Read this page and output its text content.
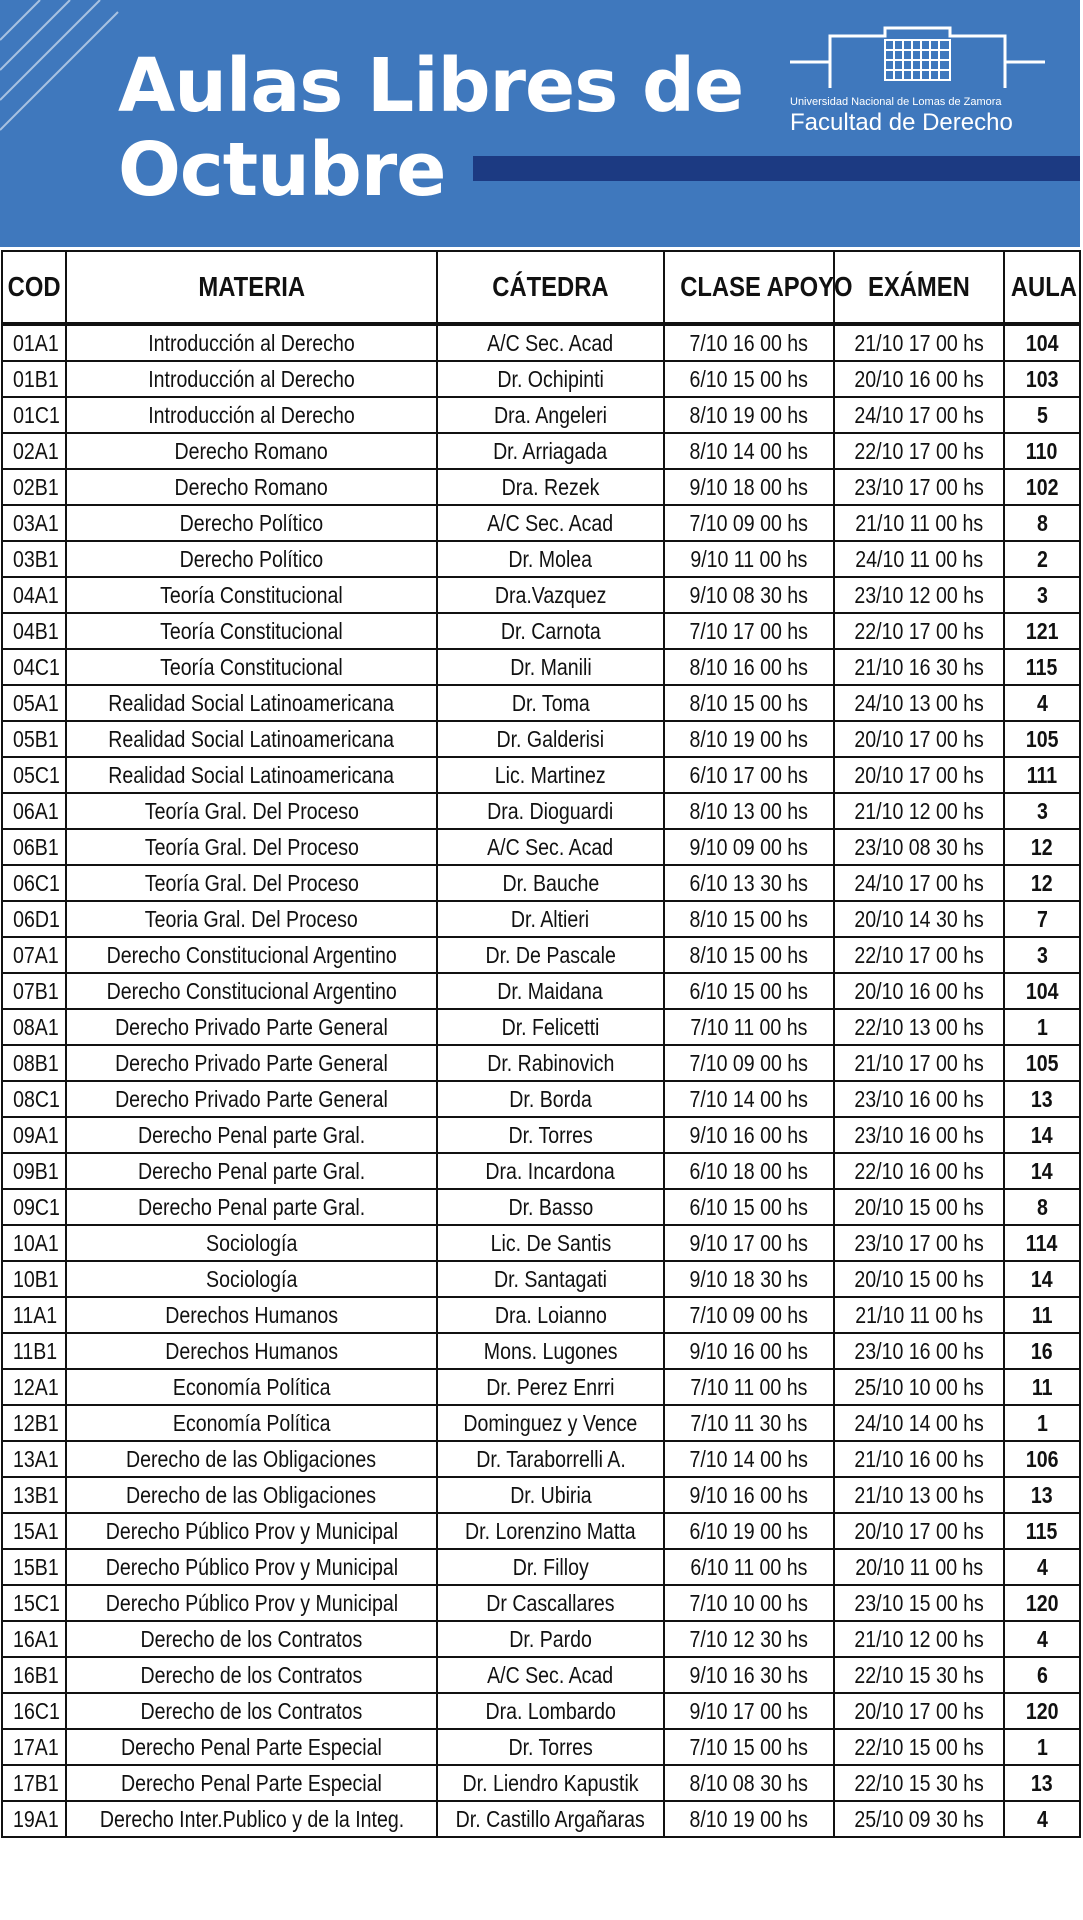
Aulas Libres de
Octubre
Universidad Nacional de Lomas de Zamora
Facultad de Derecho
COD	MATERIA	CÁTEDRA	CLASE APOYO	EXÁMEN	AULA
01A1	Introducción al Derecho	A/C Sec. Acad	7/10 16 00 hs	21/10 17 00 hs	104
01B1	Introducción al Derecho	Dr. Ochipinti	6/10 15 00 hs	20/10 16 00 hs	103
01C1	Introducción al Derecho	Dra. Angeleri	8/10 19 00 hs	24/10 17 00 hs	5
02A1	Derecho Romano	Dr. Arriagada	8/10 14 00 hs	22/10 17 00 hs	110
02B1	Derecho Romano	Dra. Rezek	9/10 18 00 hs	23/10 17 00 hs	102
03A1	Derecho Político	A/C Sec. Acad	7/10 09 00 hs	21/10 11 00 hs	8
03B1	Derecho Político	Dr. Molea	9/10 11 00 hs	24/10 11 00 hs	2
04A1	Teoría Constitucional	Dra.Vazquez	9/10 08 30 hs	23/10 12 00 hs	3
04B1	Teoría Constitucional	Dr. Carnota	7/10 17 00 hs	22/10 17 00 hs	121
04C1	Teoría Constitucional	Dr. Manili	8/10 16 00 hs	21/10 16 30 hs	115
05A1	Realidad Social Latinoamericana	Dr. Toma	8/10 15 00 hs	24/10 13 00 hs	4
05B1	Realidad Social Latinoamericana	Dr. Galderisi	8/10 19 00 hs	20/10 17 00 hs	105
05C1	Realidad Social Latinoamericana	Lic. Martinez	6/10 17 00 hs	20/10 17 00 hs	111
06A1	Teoría Gral. Del Proceso	Dra. Dioguardi	8/10 13 00 hs	21/10 12 00 hs	3
06B1	Teoría Gral. Del Proceso	A/C Sec. Acad	9/10 09 00 hs	23/10 08 30 hs	12
06C1	Teoría Gral. Del Proceso	Dr. Bauche	6/10 13 30 hs	24/10 17 00 hs	12
06D1	Teoria Gral. Del Proceso	Dr. Altieri	8/10 15 00 hs	20/10 14 30 hs	7
07A1	Derecho Constitucional Argentino	Dr. De Pascale	8/10 15 00 hs	22/10 17 00 hs	3
07B1	Derecho Constitucional Argentino	Dr. Maidana	6/10 15 00 hs	20/10 16 00 hs	104
08A1	Derecho Privado Parte General	Dr. Felicetti	7/10 11 00 hs	22/10 13 00 hs	1
08B1	Derecho Privado Parte General	Dr. Rabinovich	7/10 09 00 hs	21/10 17 00 hs	105
08C1	Derecho Privado Parte General	Dr. Borda	7/10 14 00 hs	23/10 16 00 hs	13
09A1	Derecho Penal parte Gral.	Dr. Torres	9/10 16 00 hs	23/10 16 00 hs	14
09B1	Derecho Penal parte Gral.	Dra. Incardona	6/10 18 00 hs	22/10 16 00 hs	14
09C1	Derecho Penal parte Gral.	Dr. Basso	6/10 15 00 hs	20/10 15 00 hs	8
10A1	Sociología	Lic. De Santis	9/10 17 00 hs	23/10 17 00 hs	114
10B1	Sociología	Dr. Santagati	9/10 18 30 hs	20/10 15 00 hs	14
11A1	Derechos Humanos	Dra. Loianno	7/10 09 00 hs	21/10 11 00 hs	11
11B1	Derechos Humanos	Mons. Lugones	9/10 16 00 hs	23/10 16 00 hs	16
12A1	Economía Política	Dr. Perez Enrri	7/10 11 00 hs	25/10 10 00 hs	11
12B1	Economía Política	Dominguez y Vence	7/10 11 30 hs	24/10 14 00 hs	1
13A1	Derecho de las Obligaciones	Dr. Taraborrelli A.	7/10 14 00 hs	21/10 16 00 hs	106
13B1	Derecho de las Obligaciones	Dr. Ubiria	9/10 16 00 hs	21/10 13 00 hs	13
15A1	Derecho Público Prov y Municipal	Dr. Lorenzino Matta	6/10 19 00 hs	20/10 17 00 hs	115
15B1	Derecho Público Prov y Municipal	Dr. Filloy	6/10 11 00 hs	20/10 11 00 hs	4
15C1	Derecho Público Prov y Municipal	Dr Cascallares	7/10 10 00 hs	23/10 15 00 hs	120
16A1	Derecho de los Contratos	Dr. Pardo	7/10 12 30 hs	21/10 12 00 hs	4
16B1	Derecho de los Contratos	A/C Sec. Acad	9/10 16 30 hs	22/10 15 30 hs	6
16C1	Derecho de los Contratos	Dra. Lombardo	9/10 17 00 hs	20/10 17 00 hs	120
17A1	Derecho Penal Parte Especial	Dr. Torres	7/10 15 00 hs	22/10 15 00 hs	1
17B1	Derecho Penal Parte Especial	Dr. Liendro Kapustik	8/10 08 30 hs	22/10 15 30 hs	13
19A1	Derecho Inter.Publico y de la Integ.	Dr. Castillo Argañaras	8/10 19 00 hs	25/10 09 30 hs	4
